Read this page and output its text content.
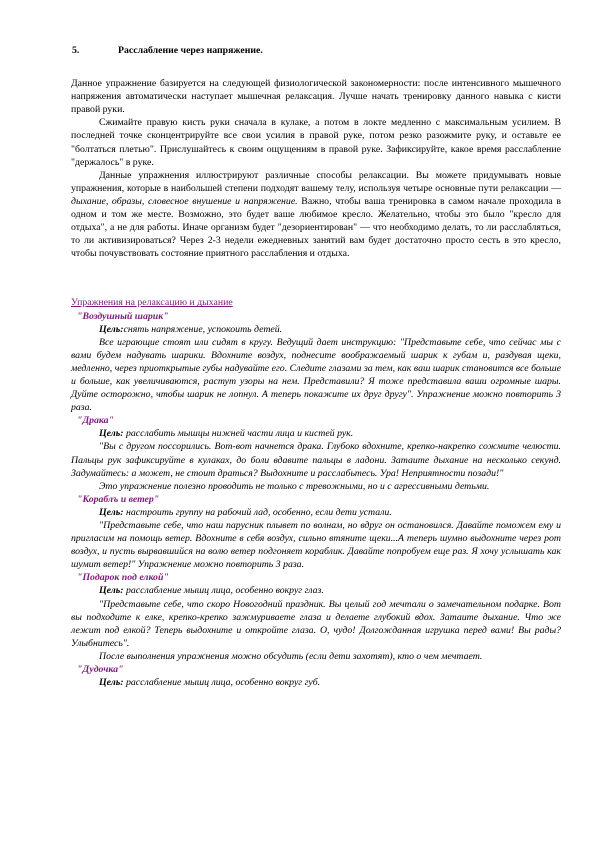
5.	Расслабление через напряжение.

Данное упражнение базируется на следующей физиологической закономерности: после интенсивного мышечного напряжения автоматически наступает мышечная релаксация. Лучше начать тренировку данного навыка с кисти правой руки.

Сжимайте правую кисть руки сначала в кулаке, а потом в локте медленно с максимальным усилием. В последней точке сконцентрируйте все свои усилия в правой руке, потом резко разожмите руку, и оставьте ее "болтаться плетью". Прислушайтесь к своим ощущениям в правой руке. Зафиксируйте, какое время расслабление "держалось" в руке.

Данные упражнения иллюстрируют различные способы релаксации. Вы можете придумывать новые упражнения, которые в наибольшей степени подходят вашему телу, используя четыре основные пути релаксации — дыхание, образы, словесное внушение и напряжение. Важно, чтобы ваша тренировка в самом начале проходила в одном и том же месте. Возможно, это будет ваше любимое кресло. Желательно, чтобы это было "кресло для отдыха", а не для работы. Иначе организм будет "дезориентирован" — что необходимо делать, то ли расслабляться, то ли активизироваться? Через 2-3 недели ежедневных занятий вам будет достаточно просто сесть в это кресло, чтобы почувствовать состояние приятного расслабления и отдыха.

Упражнения на релаксацию и дыхание
"Воздушный шарик"

Цель:снять напряжение, успокоить детей.

Все играющие стоят или сидят в кругу. Ведущий дает инструкцию: "Представьте себе, что сейчас мы с вами будем надувать шарики. Вдохните воздух, поднесите воображаемый шарик к губам и, раздувая щеки, медленно, через приоткрытые губы надувайте его. Следите глазами за тем, как ваш шарик становится все больше и больше, как увеличиваются, растут узоры на нем. Представили? Я тоже представила ваши огромные шары. Дуйте осторожно, чтобы шарик не лопнул. А теперь покажите их друг другу". Упражнение можно повторить 3 раза.

"Драка"

Цель: расслабить мышцы нижней части лица и кистей рук.

"Вы с другом поссорились. Вот-вот начнется драка. Глубоко вдохните, крепко-накрепко сожмите челюсти. Пальцы рук зафиксируйте в кулаках, до боли вдавите пальцы в ладони. Затаите дыхание на несколько секунд. Задумайтесь: а может, не стоит драться? Выдохните и расслабьтесь. Ура! Неприятности позади!"

Это упражнение полезно проводить не только с тревожными, но и с агрессивными детьми.

"Кораблъ и ветер"

Цель: настроить группу на рабочий лад, особенно, если дети устали.

"Представьте себе, что наш парусник плывет по волнам, но вдруг он остановился. Давайте поможем ему и пригласим на помощь ветер. Вдохните в себя воздух, сильно втяните щеки...А теперь шумно выдохните через рот воздух, и пусть вырвавшийся на волю ветер подгоняет кораблик. Давайте попробуем еще раз. Я хочу услышать как шумит ветер!" Упражнение можно повторить 3 раза.

"Подарок под елкой"

Цель: расслабление мышц лица, особенно вокруг глаз.

"Представьте себе, что скоро Новогодний праздник. Вы целый год мечтали о замечательном подарке. Вот вы подходите к елке, крепко-крепко зажмуриваете глаза и делаете глубокий вдох. Затаите дыхание. Что же лежит под елкой? Теперь выдохните и откройте глаза. О, чудо! Долгожданная игрушка перед вами! Вы рады? Улыбнитесь".

После выполнения упражнения можно обсудить (если дети захотят), кто о чем мечтает.

"Дудочка"

Цель: расслабление мышц лица, особенно вокруг губ.
